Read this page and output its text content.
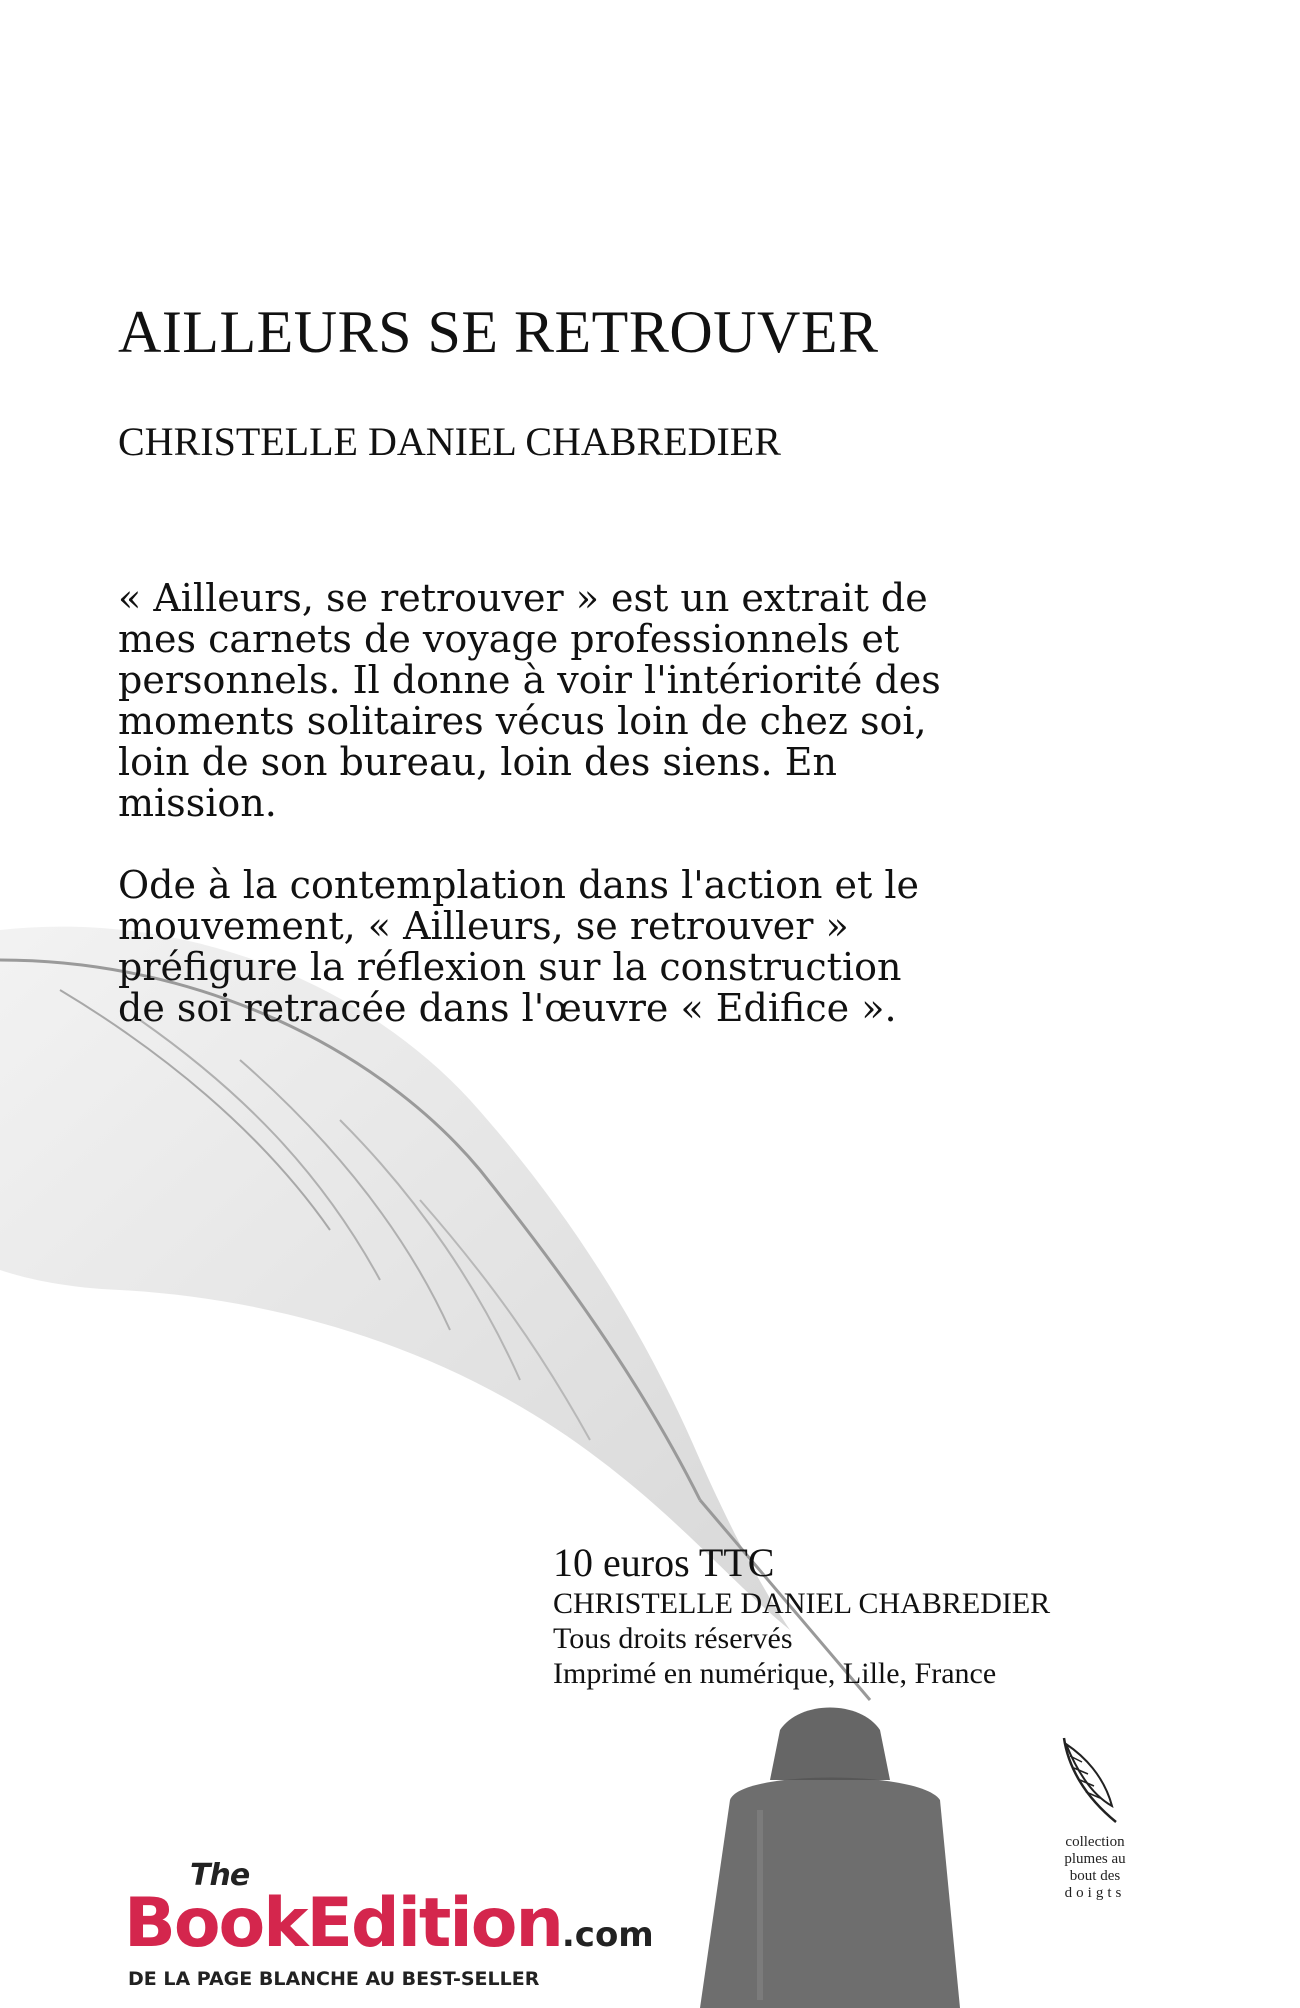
AILLEURS SE RETROUVER
CHRISTELLE DANIEL CHABREDIER

« Ailleurs, se retrouver » est un extrait de mes carnets de voyage professionnels et personnels. Il donne à voir l'intériorité des moments solitaires vécus loin de chez soi, loin de son bureau, loin des siens. En mission.

Ode à la contemplation dans l'action et le mouvement, « Ailleurs, se retrouver » préfigure la réflexion sur la construction de soi retracée dans l'œuvre « Edifice ».

10 euros TTC
CHRISTELLE DANIEL CHABREDIER
Tous droits réservés
Imprimé en numérique, Lille, France
The
BookEdition.com
DE LA PAGE BLANCHE AU BEST-SELLER
collection
plumes au
bout des
doigts
